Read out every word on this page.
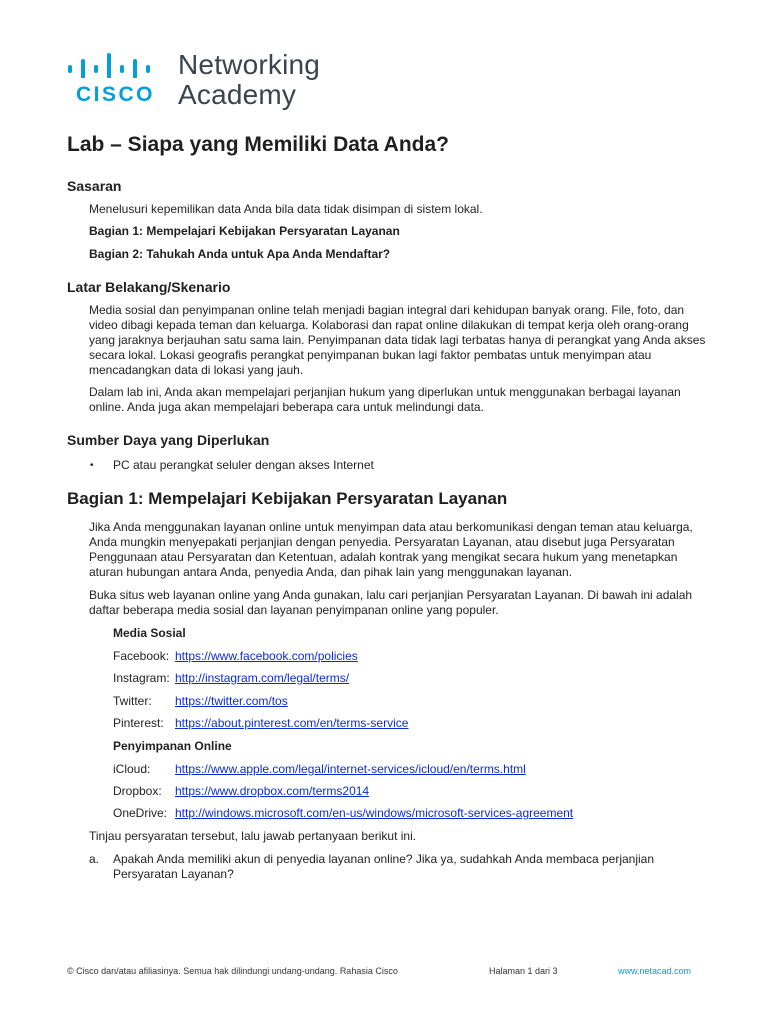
CISCO
Networking
Academy
Lab – Siapa yang Memiliki Data Anda?
Sasaran
Menelusuri kepemilikan data Anda bila data tidak disimpan di sistem lokal.
Bagian 1: Mempelajari Kebijakan Persyaratan Layanan
Bagian 2: Tahukah Anda untuk Apa Anda Mendaftar?
Latar Belakang/Skenario
Media sosial dan penyimpanan online telah menjadi bagian integral dari kehidupan banyak orang. File, foto, dan video dibagi kepada teman dan keluarga. Kolaborasi dan rapat online dilakukan di tempat kerja oleh orang-orang yang jaraknya berjauhan satu sama lain. Penyimpanan data tidak lagi terbatas hanya di perangkat yang Anda akses secara lokal. Lokasi geografis perangkat penyimpanan bukan lagi faktor pembatas untuk menyimpan atau mencadangkan data di lokasi yang jauh.
Dalam lab ini, Anda akan mempelajari perjanjian hukum yang diperlukan untuk menggunakan berbagai layanan online. Anda juga akan mempelajari beberapa cara untuk melindungi data.
Sumber Daya yang Diperlukan
• PC atau perangkat seluler dengan akses Internet
Bagian 1: Mempelajari Kebijakan Persyaratan Layanan
Jika Anda menggunakan layanan online untuk menyimpan data atau berkomunikasi dengan teman atau keluarga, Anda mungkin menyepakati perjanjian dengan penyedia. Persyaratan Layanan, atau disebut juga Persyaratan Penggunaan atau Persyaratan dan Ketentuan, adalah kontrak yang mengikat secara hukum yang menetapkan aturan hubungan antara Anda, penyedia Anda, dan pihak lain yang menggunakan layanan.
Buka situs web layanan online yang Anda gunakan, lalu cari perjanjian Persyaratan Layanan. Di bawah ini adalah daftar beberapa media sosial dan layanan penyimpanan online yang populer.
Media Sosial
Facebook: https://www.facebook.com/policies
Instagram: http://instagram.com/legal/terms/
Twitter: https://twitter.com/tos
Pinterest: https://about.pinterest.com/en/terms-service
Penyimpanan Online
iCloud: https://www.apple.com/legal/internet-services/icloud/en/terms.html
Dropbox: https://www.dropbox.com/terms2014
OneDrive: http://windows.microsoft.com/en-us/windows/microsoft-services-agreement
Tinjau persyaratan tersebut, lalu jawab pertanyaan berikut ini.
a. Apakah Anda memiliki akun di penyedia layanan online? Jika ya, sudahkah Anda membaca perjanjian Persyaratan Layanan?
© Cisco dan/atau afiliasinya. Semua hak dilindungi undang-undang. Rahasia Cisco	Halaman 1 dari 3	www.netacad.com
